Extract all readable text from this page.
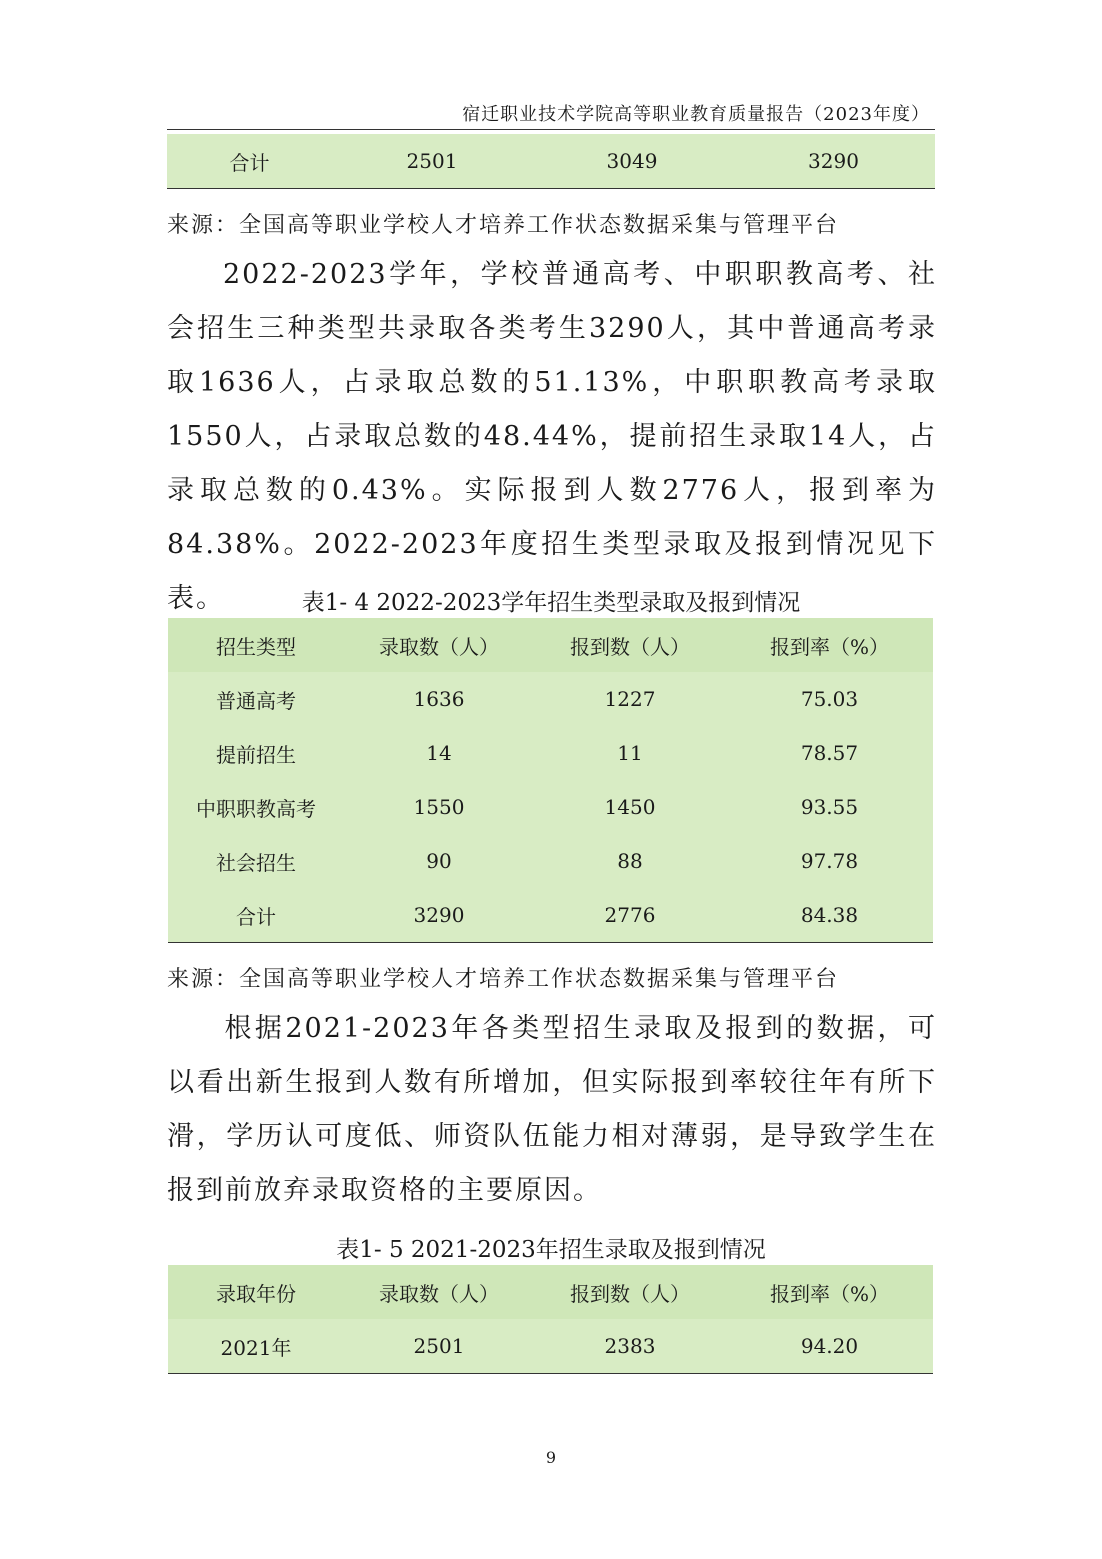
宿迁职业技术学院高等职业教育质量报告（2023年度）
合计	2501	3049	3290
来源：全国高等职业学校人才培养工作状态数据采集与管理平台
2022-2023学年，学校普通高考、中职职教高考、社会招生三种类型共录取各类考生3290人，其中普通高考录取1636人，占录取总数的51.13%，中职职教高考录取1550人，占录取总数的48.44%，提前招生录取14人，占录取总数的0.43%。实际报到人数2776人，报到率为84.38%。2022-2023年度招生类型录取及报到情况见下表。	表1- 4 2022-2023学年招生类型录取及报到情况
招生类型	录取数（人）	报到数（人）	报到率（%）
普通高考	1636	1227	75.03
提前招生	14	11	78.57
中职职教高考	1550	1450	93.55
社会招生	90	88	97.78
合计	3290	2776	84.38
来源：全国高等职业学校人才培养工作状态数据采集与管理平台
根据2021-2023年各类型招生录取及报到的数据，可以看出新生报到人数有所增加，但实际报到率较往年有所下滑，学历认可度低、师资队伍能力相对薄弱，是导致学生在报到前放弃录取资格的主要原因。
表1- 5 2021-2023年招生录取及报到情况
录取年份	录取数（人）	报到数（人）	报到率（%）
2021年	2501	2383	94.20
9
